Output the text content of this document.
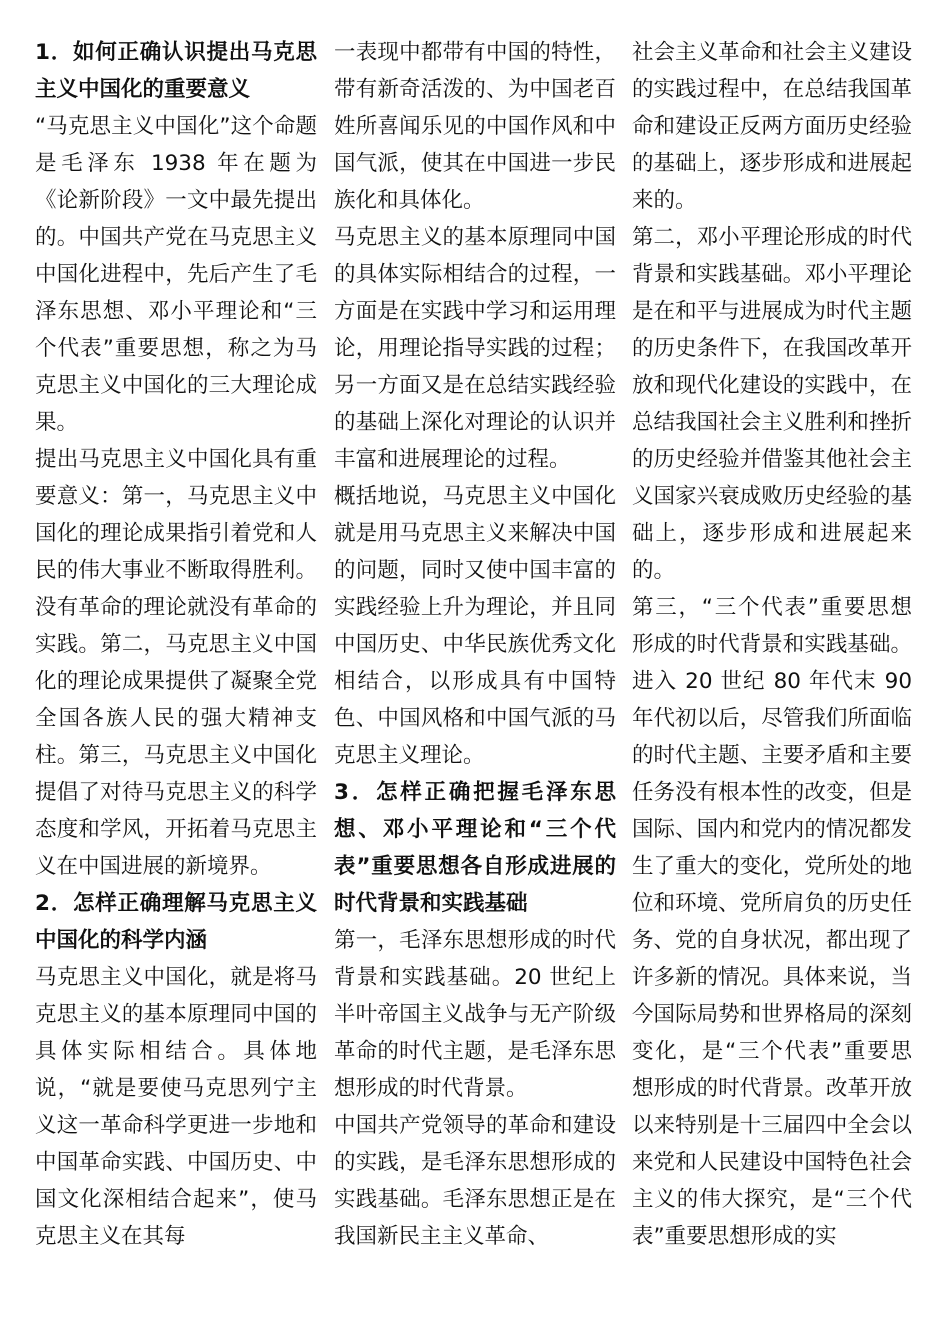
1．如何正确认识提出马克思主义中国化的重要意义

“马克思主义中国化”这个命题是毛泽东 1938 年在题为《论新阶段》一文中最先提出的。中国共产党在马克思主义中国化进程中，先后产生了毛泽东思想、邓小平理论和“三个代表”重要思想，称之为马克思主义中国化的三大理论成果。

提出马克思主义中国化具有重要意义：第一，马克思主义中国化的理论成果指引着党和人民的伟大事业不断取得胜利。没有革命的理论就没有革命的实践。第二，马克思主义中国化的理论成果提供了凝聚全党全国各族人民的强大精神支柱。第三，马克思主义中国化提倡了对待马克思主义的科学态度和学风，开拓着马克思主义在中国进展的新境界。

2．怎样正确理解马克思主义中国化的科学内涵

马克思主义中国化，就是将马克思主义的基本原理同中国的具体实际相结合。具体地说，“就是要使马克思列宁主义这一革命科学更进一步地和中国革命实践、中国历史、中国文化深相结合起来”，使马克思主义在其每

一表现中都带有中国的特性，带有新奇活泼的、为中国老百姓所喜闻乐见的中国作风和中国气派，使其在中国进一步民族化和具体化。

马克思主义的基本原理同中国的具体实际相结合的过程，一方面是在实践中学习和运用理论，用理论指导实践的过程；另一方面又是在总结实践经验的基础上深化对理论的认识并丰富和进展理论的过程。

概括地说，马克思主义中国化就是用马克思主义来解决中国的问题，同时又使中国丰富的实践经验上升为理论，并且同中国历史、中华民族优秀文化相结合，以形成具有中国特色、中国风格和中国气派的马克思主义理论。

3．怎样正确把握毛泽东思想、邓小平理论和“三个代表”重要思想各自形成进展的时代背景和实践基础

第一，毛泽东思想形成的时代背景和实践基础。20 世纪上半叶帝国主义战争与无产阶级革命的时代主题，是毛泽东思想形成的时代背景。

中国共产党领导的革命和建设的实践，是毛泽东思想形成的实践基础。毛泽东思想正是在我国新民主主义革命、

社会主义革命和社会主义建设的实践过程中，在总结我国革命和建设正反两方面历史经验的基础上，逐步形成和进展起来的。

第二，邓小平理论形成的时代背景和实践基础。邓小平理论是在和平与进展成为时代主题的历史条件下，在我国改革开放和现代化建设的实践中，在总结我国社会主义胜利和挫折的历史经验并借鉴其他社会主义国家兴衰成败历史经验的基础上，逐步形成和进展起来的。

第三，“三个代表”重要思想形成的时代背景和实践基础。进入 20 世纪 80 年代末 90 年代初以后，尽管我们所面临的时代主题、主要矛盾和主要任务没有根本性的改变，但是国际、国内和党内的情况都发生了重大的变化，党所处的地位和环境、党所肩负的历史任务、党的自身状况，都出现了许多新的情况。具体来说，当今国际局势和世界格局的深刻变化，是“三个代表”重要思想形成的时代背景。改革开放以来特别是十三届四中全会以来党和人民建设中国特色社会主义的伟大探究，是“三个代表”重要思想形成的实
